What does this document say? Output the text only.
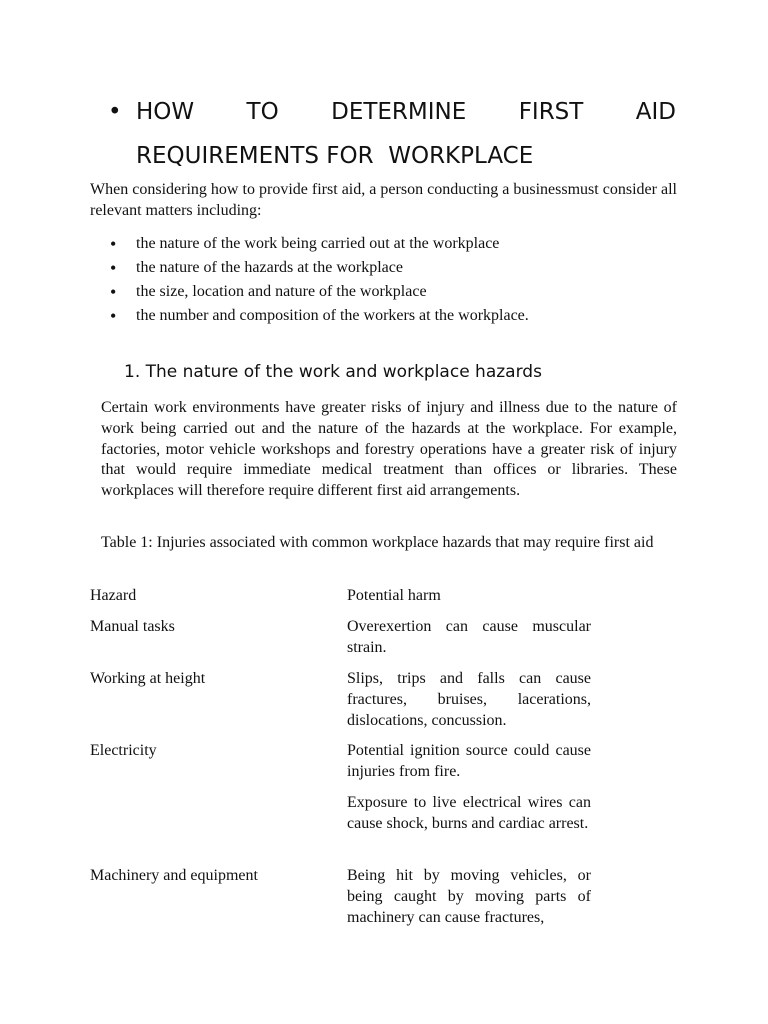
• HOW TO DETERMINE FIRST AID
REQUIREMENTS FOR  WORKPLACE
When considering how to provide first aid, a person conducting a businessmust consider all relevant matters including:
• the nature of the work being carried out at the workplace
• the nature of the hazards at the workplace
• the size, location and nature of the workplace
• the number and composition of the workers at the workplace.
1. The nature of the work and workplace hazards
Certain work environments have greater risks of injury and illness due to the nature of work being carried out and the nature of the hazards at the workplace. For example, factories, motor vehicle workshops and forestry operations have a greater risk of injury that would require immediate medical treatment than offices or libraries. These workplaces will therefore require different first aid arrangements.
Table 1: Injuries associated with common workplace hazards that may require first aid
Hazard	Potential harm
Manual tasks	Overexertion can cause muscular strain.
Working at height	Slips, trips and falls can cause fractures, bruises, lacerations, dislocations, concussion.
Electricity	Potential ignition source could cause injuries from fire.
Exposure to live electrical wires can cause shock, burns and cardiac arrest.
Machinery and equipment	Being hit by moving vehicles, or being caught by moving parts of machinery can cause fractures,
